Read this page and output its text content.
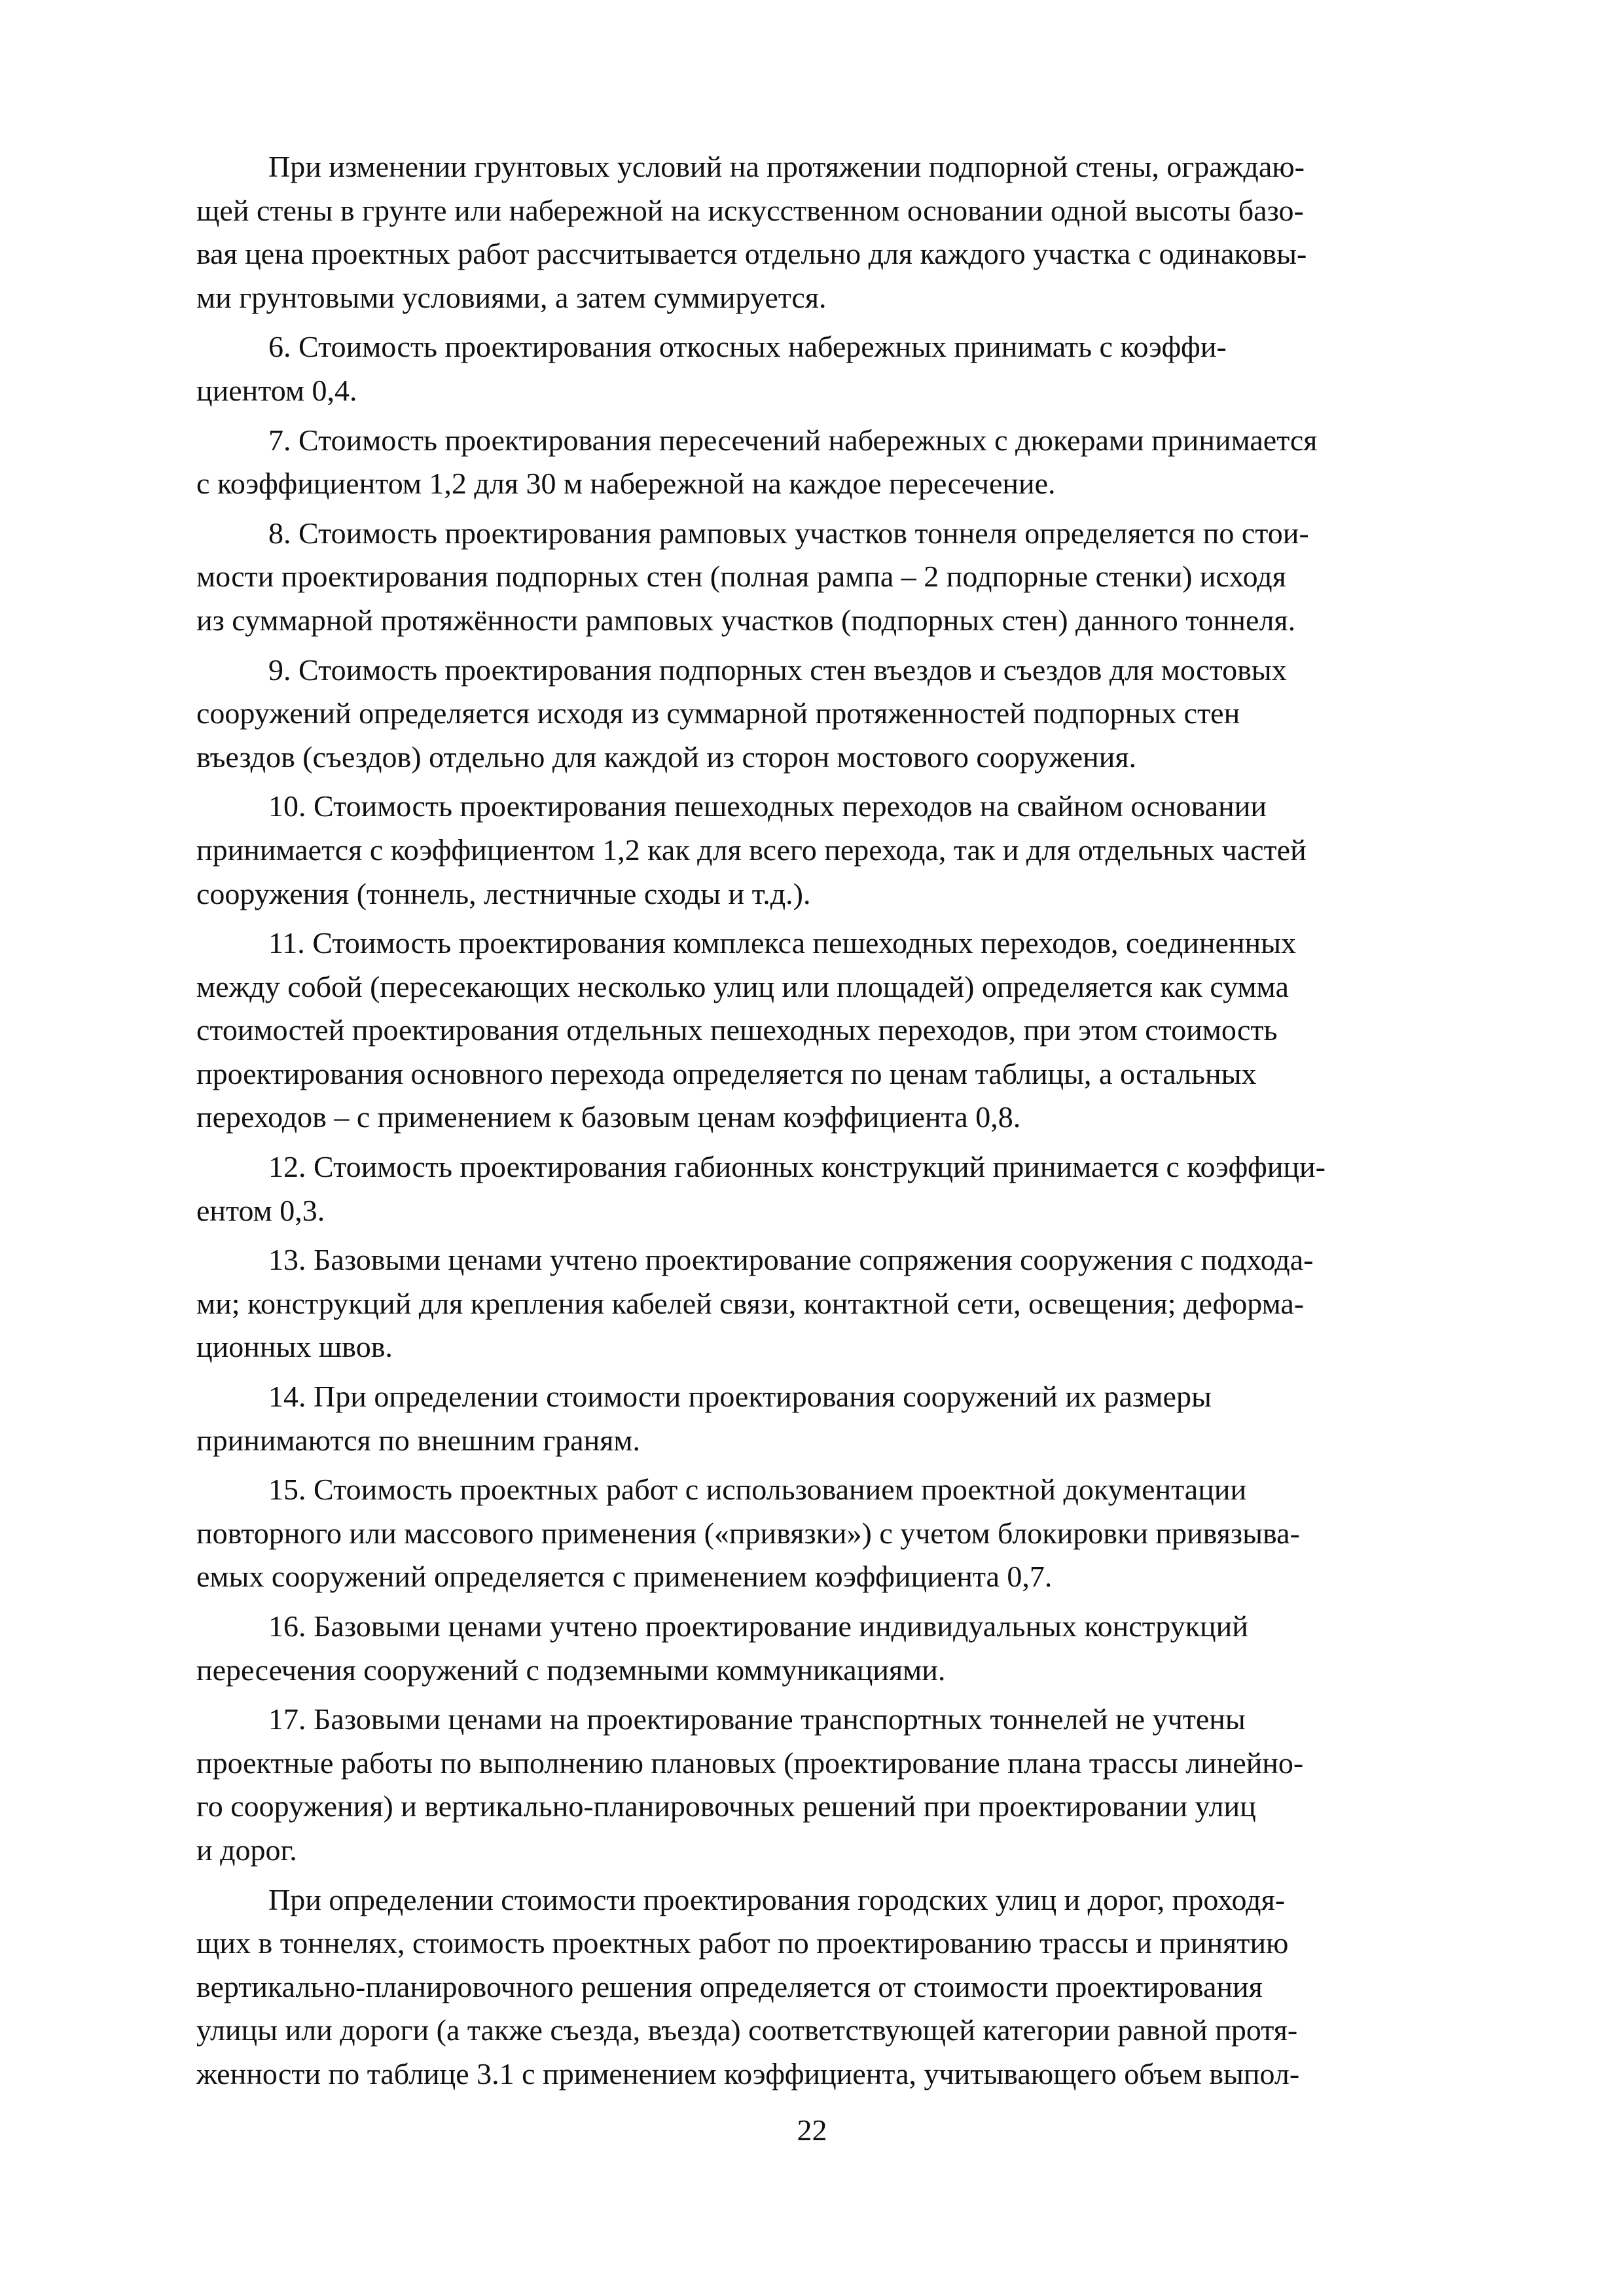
При изменении грунтовых условий на протяжении подпорной стены, ограждаю-
щей стены в грунте или набережной на искусственном основании одной высоты базо-
вая цена проектных работ рассчитывается отдельно для каждого участка с одинаковы-
ми грунтовыми условиями, а затем суммируется.

6. Стоимость проектирования откосных набережных принимать с коэффи-
циентом 0,4.

7. Стоимость проектирования пересечений набережных с дюкерами принимается
с коэффициентом 1,2 для 30 м набережной на каждое пересечение.

8. Стоимость проектирования рамповых участков тоннеля определяется по стои-
мости проектирования подпорных стен (полная рампа – 2 подпорные стенки) исходя
из суммарной протяжённости рамповых участков (подпорных стен) данного тоннеля.

9. Стоимость проектирования подпорных стен въездов и съездов для мостовых
сооружений определяется исходя из суммарной протяженностей подпорных стен
въездов (съездов) отдельно для каждой из сторон мостового сооружения.

10. Стоимость проектирования пешеходных переходов на свайном основании
принимается с коэффициентом 1,2 как для всего перехода, так и для отдельных частей
сооружения (тоннель, лестничные сходы и т.д.).

11. Стоимость проектирования комплекса пешеходных переходов, соединенных
между собой (пересекающих несколько улиц или площадей) определяется как сумма
стоимостей проектирования отдельных пешеходных переходов, при этом стоимость
проектирования основного перехода определяется по ценам таблицы, а остальных
переходов – с применением к базовым ценам коэффициента 0,8.

12. Стоимость проектирования габионных конструкций принимается с коэффици-
ентом 0,3.

13. Базовыми ценами учтено проектирование сопряжения сооружения с подхода-
ми; конструкций для крепления кабелей связи, контактной сети, освещения; деформа-
ционных швов.

14. При определении стоимости проектирования сооружений их размеры
принимаются по внешним граням.

15. Стоимость проектных работ с использованием проектной документации
повторного или массового применения («привязки») с учетом блокировки привязыва-
емых сооружений определяется с применением коэффициента 0,7.

16. Базовыми ценами учтено проектирование индивидуальных конструкций
пересечения сооружений с подземными коммуникациями.

17. Базовыми ценами на проектирование транспортных тоннелей не учтены
проектные работы по выполнению плановых (проектирование плана трассы линейно-
го сооружения) и вертикально-планировочных решений при проектировании улиц
и дорог.

При определении стоимости проектирования городских улиц и дорог, проходя-
щих в тоннелях, стоимость проектных работ по проектированию трассы и принятию
вертикально-планировочного решения определяется от стоимости проектирования
улицы или дороги (а также съезда, въезда) соответствующей категории равной протя-
женности по таблице 3.1 с применением коэффициента, учитывающего объем выпол-

22
